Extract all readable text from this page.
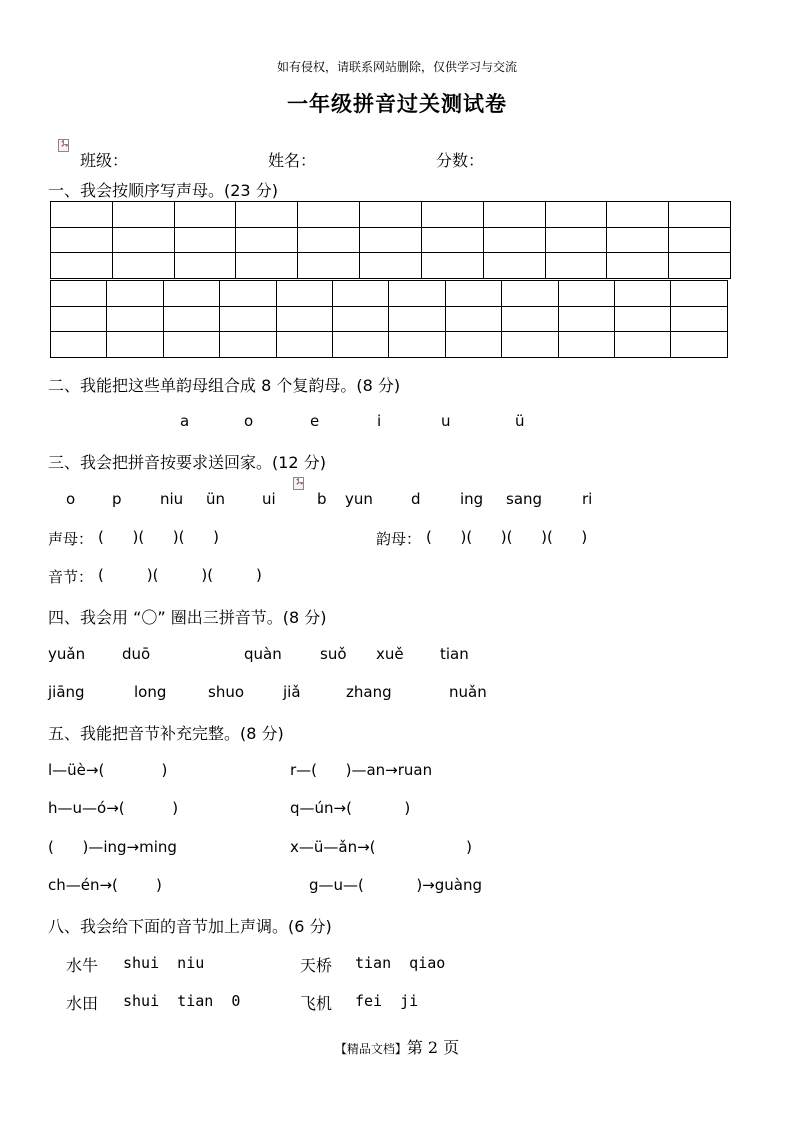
如有侵权，请联系网站删除，仅供学习与交流
一年级拼音过关测试卷
×
班级：	姓名：	分数：
一、我会按顺序写声母。(23 分)

二、我能把这些单韵母组合成 8 个复韵母。(8 分)
a	o	e	i	u	ü
三、我会把拼音按要求送回家。(12 分)
o p	niu ün ui
×	b yun	d	ing sang	ri
声母： (      )(      )(      )	韵母： (      )(      )(      )(      )
音节： (         )(         )(         )
四、我会用 “〇” 圈出三拼音节。(8 分)
yuǎn duō	quàn	suǒ xuě tian
jiāng	long	shuo	jiǎ	zhang	nuǎn
五、我能把音节补充完整。(8 分)
l—üè→(            )	r—(      )—an→ruan
h—u—ó→(          )	q—ún→(           )
(      )—ing→ming	x—ü—ǎn→(                   )
ch—én→(        )	g—u—(           )→guàng
八、我会给下面的音节加上声调。(6 分)
水牛 shui  niu	天桥 tian  qiao
水田 shui  tian  0	飞机 fei  ji
【精品文档】第 2 页
